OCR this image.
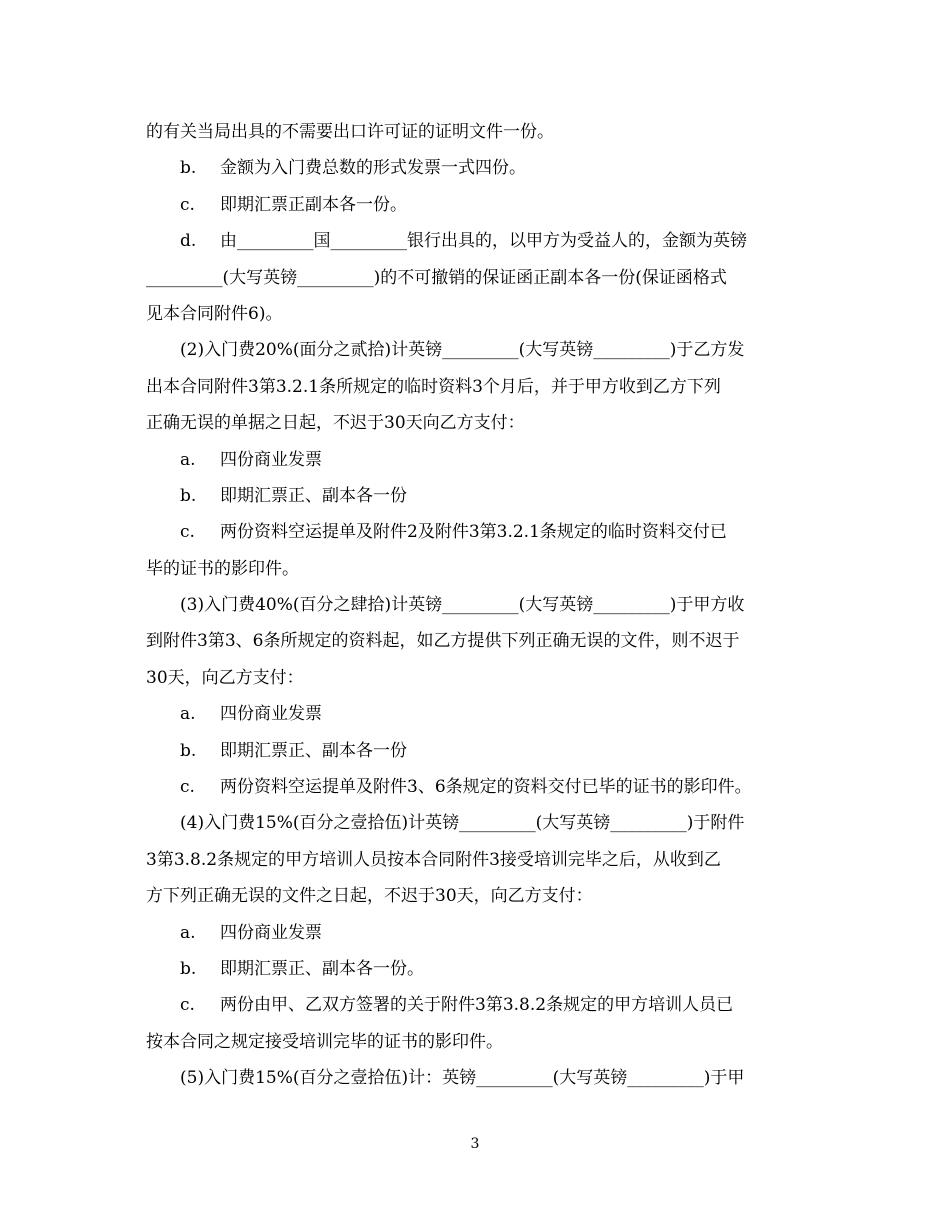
的有关当局出具的不需要出口许可证的证明文件一份。
b. 金额为入门费总数的形式发票一式四份。
c. 即期汇票正副本各一份。
d. 由_________国_________银行出具的，以甲方为受益人的，金额为英镑
_________(大写英镑_________)的不可撤销的保证函正副本各一份(保证函格式
见本合同附件6)。
(2)入门费20%(面分之贰拾)计英镑_________(大写英镑_________)于乙方发
出本合同附件3第3.2.1条所规定的临时资料3个月后，并于甲方收到乙方下列
正确无误的单据之日起，不迟于30天向乙方支付：
a. 四份商业发票
b. 即期汇票正、副本各一份
c. 两份资料空运提单及附件2及附件3第3.2.1条规定的临时资料交付已
毕的证书的影印件。
(3)入门费40%(百分之肆拾)计英镑_________(大写英镑_________)于甲方收
到附件3第3、6条所规定的资料起，如乙方提供下列正确无误的文件，则不迟于
30天，向乙方支付：
a. 四份商业发票
b. 即期汇票正、副本各一份
c. 两份资料空运提单及附件3、6条规定的资料交付已毕的证书的影印件。
(4)入门费15%(百分之壹拾伍)计英镑_________(大写英镑_________)于附件
3第3.8.2条规定的甲方培训人员按本合同附件3接受培训完毕之后，从收到乙
方下列正确无误的文件之日起，不迟于30天，向乙方支付：
a. 四份商业发票
b. 即期汇票正、副本各一份。
c. 两份由甲、乙双方签署的关于附件3第3.8.2条规定的甲方培训人员已
按本合同之规定接受培训完毕的证书的影印件。
(5)入门费15%(百分之壹拾伍)计：英镑_________(大写英镑_________)于甲
3
